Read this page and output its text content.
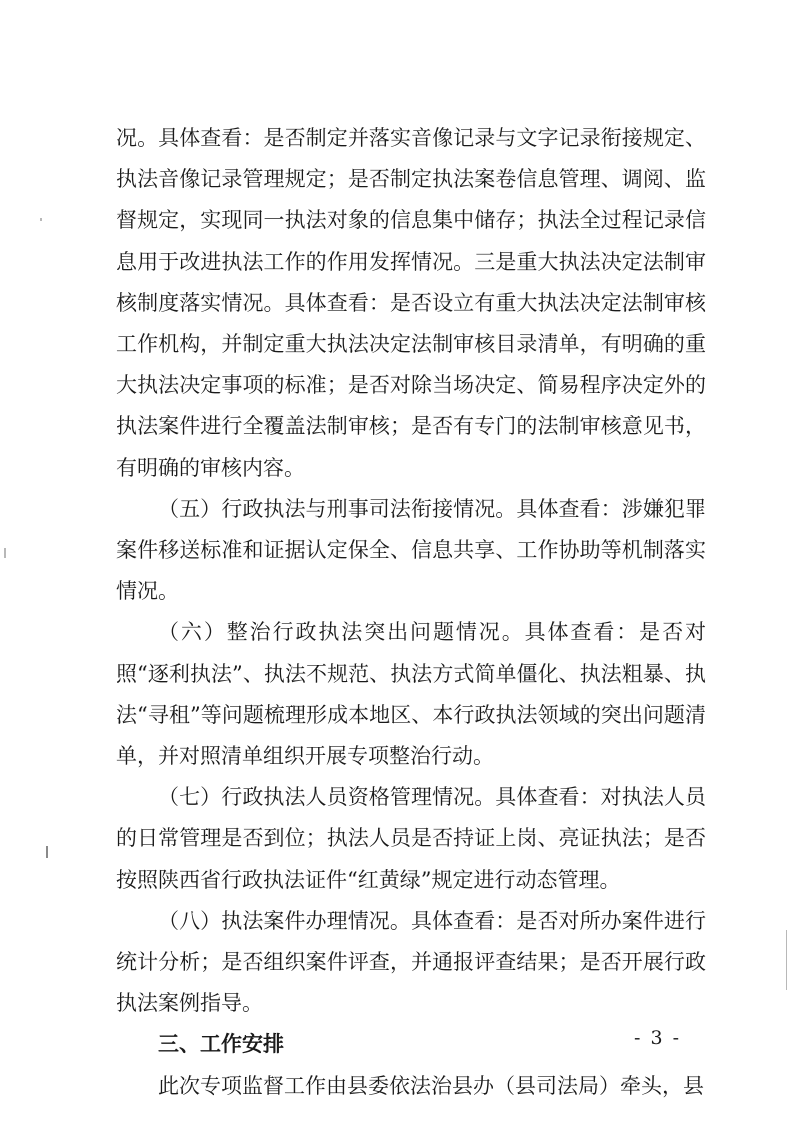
况。具体查看：是否制定并落实音像记录与文字记录衔接规定、执法音像记录管理规定；是否制定执法案卷信息管理、调阅、监督规定，实现同一执法对象的信息集中储存；执法全过程记录信息用于改进执法工作的作用发挥情况。三是重大执法决定法制审核制度落实情况。具体查看：是否设立有重大执法决定法制审核工作机构，并制定重大执法决定法制审核目录清单，有明确的重大执法决定事项的标准；是否对除当场决定、简易程序决定外的执法案件进行全覆盖法制审核；是否有专门的法制审核意见书，有明确的审核内容。

（五）行政执法与刑事司法衔接情况。具体查看：涉嫌犯罪案件移送标准和证据认定保全、信息共享、工作协助等机制落实情况。

（六）整治行政执法突出问题情况。具体查看：是否对照“逐利执法”、执法不规范、执法方式简单僵化、执法粗暴、执法“寻租”等问题梳理形成本地区、本行政执法领域的突出问题清单，并对照清单组织开展专项整治行动。

（七）行政执法人员资格管理情况。具体查看：对执法人员的日常管理是否到位；执法人员是否持证上岗、亮证执法；是否按照陕西省行政执法证件“红黄绿”规定进行动态管理。

（八）执法案件办理情况。具体查看：是否对所办案件进行统计分析；是否组织案件评查，并通报评查结果；是否开展行政执法案例指导。

三、工作安排

此次专项监督工作由县委依法治县办（县司法局）牵头，县

- 3 -
